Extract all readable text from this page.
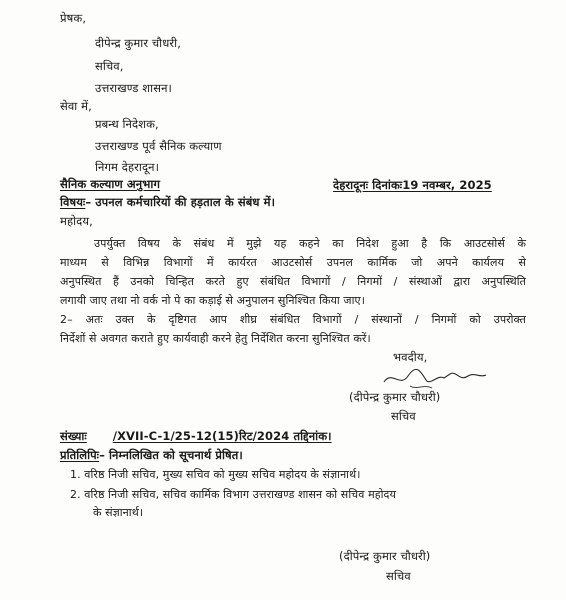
प्रेषक,
दीपेन्द्र कुमार चौधरी,
सचिव,
उत्तराखण्ड शासन।
सेवा में,
प्रबन्ध निदेशक,
उत्तराखण्ड पूर्व सैनिक कल्याण
निगम देहरादून।
सैनिक कल्याण अनुभाग	देहरादूनः दिनांकः19 नवम्बर, 2025
विषयः– उपनल कर्मचारियों की हड़ताल के संबंध में।
महोदय,
उपर्युक्त विषय के संबंध में मुझे यह कहने का निदेश हुआ है कि आउटसोर्स के
माध्यम से विभिन्न विभागों में कार्यरत आउटसोर्स उपनल कार्मिक जो अपने कार्यलय से
अनुपस्थित हैं उनको चिन्हित करते हुए संबंधित विभागों / निगमों / संस्थाओं द्वारा अनुपस्थिति
लगायी जाए तथा नो वर्क नो पे का कड़ाई से अनुपालन सुनिश्चित किया जाए।
2– अतः उक्त के दृष्टिगत आप शीघ्र संबंधित विभागों / संस्थानों / निगमों को उपरोक्त
निर्देशों से अवगत कराते हुए कार्यवाही करने हेतु निर्देशित करना सुनिश्चित करें।
भवदीय,
(दीपेन्द्र कुमार चौधरी)
सचिव
संख्याः /XVII-C-1/25-12(15)रिट/2024 तद्दिनांक।
प्रतिलिपिः– निम्नलिखित को सूचनार्थ प्रेषित।
1. वरिष्ठ निजी सचिव, मुख्य सचिव को मुख्य सचिव महोदय के संज्ञानार्थ।
2. वरिष्ठ निजी सचिव, सचिव कार्मिक विभाग उत्तराखण्ड शासन को सचिव महोदय
के संज्ञानार्थ।
(दीपेन्द्र कुमार चौधरी)
सचिव
